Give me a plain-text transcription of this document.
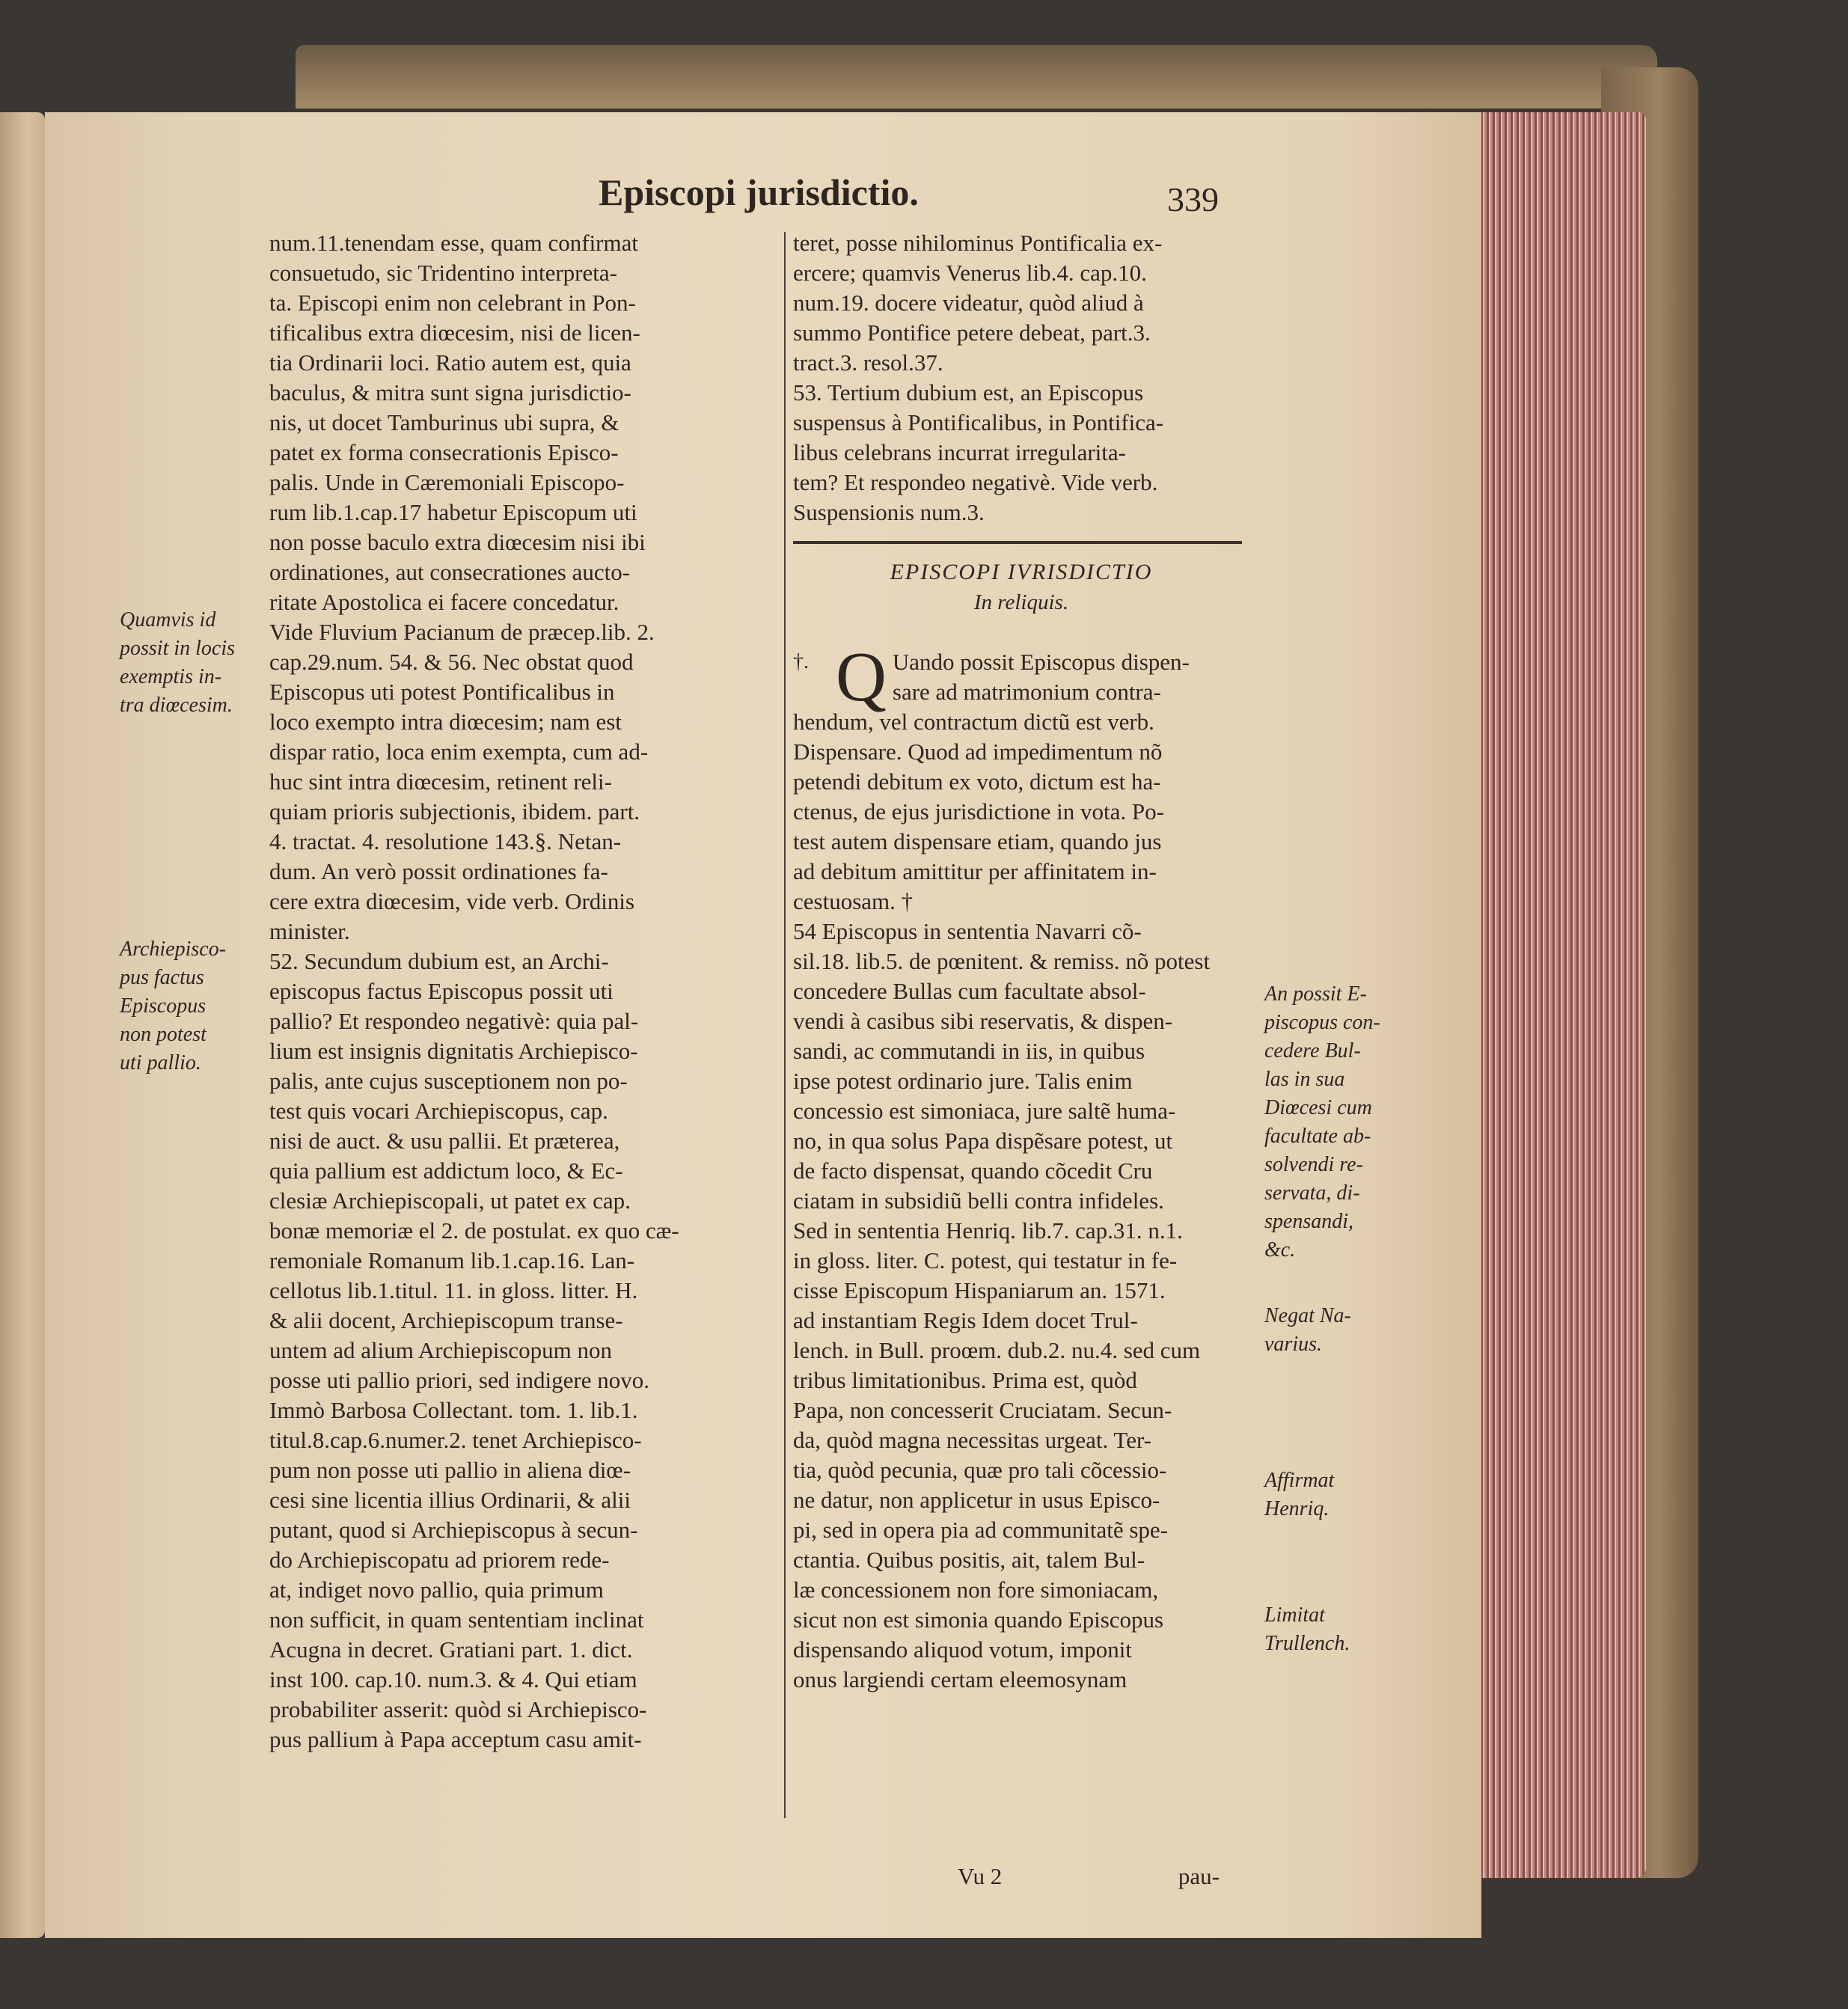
Episcopi jurisdictio.	339

num.11.tenendam esse, quam confirmat
consuetudo, sic Tridentino interpreta-
ta. Episcopi enim non celebrant in Pon-
tificalibus extra diœcesim, nisi de licen-
tia Ordinarii loci. Ratio autem est, quia
baculus, & mitra sunt signa jurisdictio-
nis, ut docet Tamburinus ubi supra, &
patet ex forma consecrationis Episco-
palis. Unde in Cæremoniali Episcopo-
rum lib.1.cap.17 habetur Episcopum uti
non posse baculo extra diœcesim nisi ibi
ordinationes, aut consecrationes aucto-
ritate Apostolica ei facere concedatur.
Vide Fluvium Pacianum de præcep.lib. 2.
cap.29.num. 54. & 56. Nec obstat quod
Episcopus uti potest Pontificalibus in
loco exempto intra diœcesim; nam est
dispar ratio, loca enim exempta, cum ad-
huc sint intra diœcesim, retinent reli-
quiam prioris subjectionis, ibidem. part.
4. tractat. 4. resolutione 143.§. Netan-
dum. An verò possit ordinationes fa-
cere extra diœcesim, vide verb. Ordinis
minister.
52. Secundum dubium est, an Archi-
episcopus factus Episcopus possit uti
pallio? Et respondeo negativè: quia pal-
lium est insignis dignitatis Archiepisco-
palis, ante cujus susceptionem non po-
test quis vocari Archiepiscopus, cap.
nisi de auct. & usu pallii. Et præterea,
quia pallium est addictum loco, & Ec-
clesiæ Archiepiscopali, ut patet ex cap.
bonæ memoriæ el 2. de postulat. ex quo cæ-
remoniale Romanum lib.1.cap.16. Lan-
cellotus lib.1.titul. 11. in gloss. litter. H.
& alii docent, Archiepiscopum transe-
untem ad alium Archiepiscopum non
posse uti pallio priori, sed indigere novo.
Immò Barbosa Collectant. tom. 1. lib.1.
titul.8.cap.6.numer.2. tenet Archiepisco-
pum non posse uti pallio in aliena diœ-
cesi sine licentia illius Ordinarii, & alii
putant, quod si Archiepiscopus à secun-
do Archiepiscopatu ad priorem rede-
at, indiget novo pallio, quia primum
non sufficit, in quam sententiam inclinat
Acugna in decret. Gratiani part. 1. dict.
inst 100. cap.10. num.3. & 4. Qui etiam
probabiliter asserit: quòd si Archiepisco-
pus pallium à Papa acceptum casu amit-
teret, posse nihilominus Pontificalia ex-
ercere; quamvis Venerus lib.4. cap.10.
num.19. docere videatur, quòd aliud à
summo Pontifice petere debeat, part.3.
tract.3. resol.37.
53. Tertium dubium est, an Episcopus
suspensus à Pontificalibus, in Pontifica-
libus celebrans incurrat irregularita-
tem? Et respondeo negativè. Vide verb.
Suspensionis num.3.
EPISCOPI IVRISDICTIO
In reliquis.
†. Q Uando possit Episcopus dispen-
sare ad matrimonium contra-
hendum, vel contractum dictũ est verb.
Dispensare. Quod ad impedimentum nõ
petendi debitum ex voto, dictum est ha-
ctenus, de ejus jurisdictione in vota. Po-
test autem dispensare etiam, quando jus
ad debitum amittitur per affinitatem in-
cestuosam. †
54 Episcopus in sententia Navarri cõ-
sil.18. lib.5. de pœnitent. & remiss. nõ potest
concedere Bullas cum facultate absol-
vendi à casibus sibi reservatis, & dispen-
sandi, ac commutandi in iis, in quibus
ipse potest ordinario jure. Talis enim
concessio est simoniaca, jure saltẽ huma-
no, in qua solus Papa dispẽsare potest, ut
de facto dispensat, quando cõcedit Cru
ciatam in subsidiũ belli contra infideles.
Sed in sententia Henriq. lib.7. cap.31. n.1.
in gloss. liter. C. potest, qui testatur in fe-
cisse Episcopum Hispaniarum an. 1571.
ad instantiam Regis Idem docet Trul-
lench. in Bull. proœm. dub.2. nu.4. sed cum
tribus limitationibus. Prima est, quòd
Papa, non concesserit Cruciatam. Secun-
da, quòd magna necessitas urgeat. Ter-
tia, quòd pecunia, quæ pro tali cõcessio-
ne datur, non applicetur in usus Episco-
pi, sed in opera pia ad communitatẽ spe-
ctantia. Quibus positis, ait, talem Bul-
læ concessionem non fore simoniacam,
sicut non est simonia quando Episcopus
dispensando aliquod votum, imponit
onus largiendi certam eleemosynam
Quamvis id
possit in locis
exemptis in-
tra diœcesim.
Archiepisco-
pus factus
Episcopus
non potest
uti pallio.
An possit E-
piscopus con-
cedere Bul-
las in sua
Diœcesi cum
facultate ab-
solvendi re-
servata, di-
spensandi,
&c.
Negat Na-
varius.
Affirmat
Henriq.
Limitat
Trullench.

Vu 2	pau-
